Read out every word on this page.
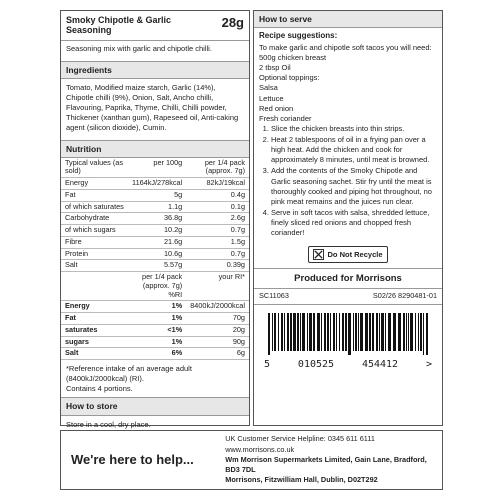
Smoky Chipotle & Garlic Seasoning
28g
Seasoning mix with garlic and chipotle chilli.
Ingredients
Tomato, Modified maize starch, Garlic (14%), Chipotle chilli (9%), Onion, Salt, Ancho chilli, Flavouring, Paprika, Thyme, Chilli, Chilli powder, Thickener (xanthan gum), Rapeseed oil, Anti-caking agent (silicon dioxide), Cumin.
Nutrition
Typical values (as sold)	per 100g	per 1/4 pack (approx. 7g)
Energy	1164kJ/278kcal	82kJ/19kcal
Fat	5g	0.4g
of which saturates	1.1g	0.1g
Carbohydrate	36.8g	2.6g
of which sugars	10.2g	0.7g
Fibre	21.6g	1.5g
Protein	10.6g	0.7g
Salt	5.57g	0.39g
	per 1/4 pack (approx. 7g) %RI	your RI*
Energy	1%	8400kJ/2000kcal
Fat	1%	70g
saturates	<1%	20g
sugars	1%	90g
Salt	6%	6g
*Reference intake of an average adult (8400kJ/2000kcal) (RI).
Contains 4 portions.
How to store
Store in a cool, dry place.
How to serve
Recipe suggestions:
To make garlic and chipotle soft tacos you will need:
500g chicken breast
2 tbsp Oil
Optional toppings:
Salsa
Lettuce
Red onion
Fresh coriander
1. Slice the chicken breasts into thin strips.
2. Heat 2 tablespoons of oil in a frying pan over a high heat. Add the chicken and cook for approximately 8 minutes, until meat is browned.
3. Add the contents of the Smoky Chipotle and Garlic seasoning sachet. Stir fry until the meat is thoroughly cooked and piping hot throughout, no pink meat remains and the juices run clear.
4. Serve in soft tacos with salsa, shredded lettuce, finely sliced red onions and chopped fresh coriander!
Do Not Recycle
Produced for Morrisons
SC11063	S02/26 8290481-01
5	010525	454412	>
We're here to help...
UK Customer Service Helpline: 0345 611 6111 www.morrisons.co.uk
Wm Morrison Supermarkets Limited, Gain Lane, Bradford, BD3 7DL
Morrisons, Fitzwilliam Hall, Dublin, D02T292
